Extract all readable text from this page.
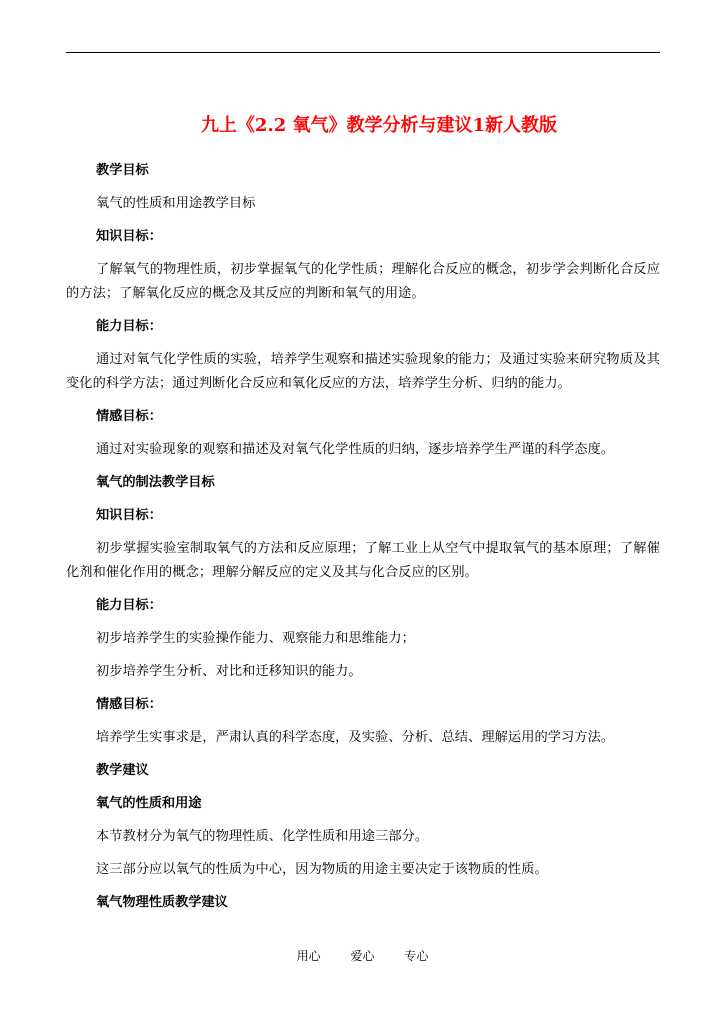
九上《2.2 氧气》教学分析与建议1新人教版

教学目标

氧气的性质和用途教学目标

知识目标：

了解氧气的物理性质，初步掌握氧气的化学性质；理解化合反应的概念，初步学会判断化合反应的方法；了解氧化反应的概念及其反应的判断和氧气的用途。

能力目标：

通过对氧气化学性质的实验，培养学生观察和描述实验现象的能力；及通过实验来研究物质及其变化的科学方法；通过判断化合反应和氧化反应的方法，培养学生分析、归纳的能力。

情感目标：

通过对实验现象的观察和描述及对氧气化学性质的归纳，逐步培养学生严谨的科学态度。

氧气的制法教学目标

知识目标：

初步掌握实验室制取氧气的方法和反应原理；了解工业上从空气中提取氧气的基本原理；了解催化剂和催化作用的概念；理解分解反应的定义及其与化合反应的区别。

能力目标：

初步培养学生的实验操作能力、观察能力和思维能力；

初步培养学生分析、对比和迁移知识的能力。

情感目标：

培养学生实事求是，严肃认真的科学态度，及实验、分析、总结、理解运用的学习方法。

教学建议

氧气的性质和用途

本节教材分为氧气的物理性质、化学性质和用途三部分。

这三部分应以氧气的性质为中心，因为物质的用途主要决定于该物质的性质。

氧气物理性质教学建议

用心 爱心 专心
